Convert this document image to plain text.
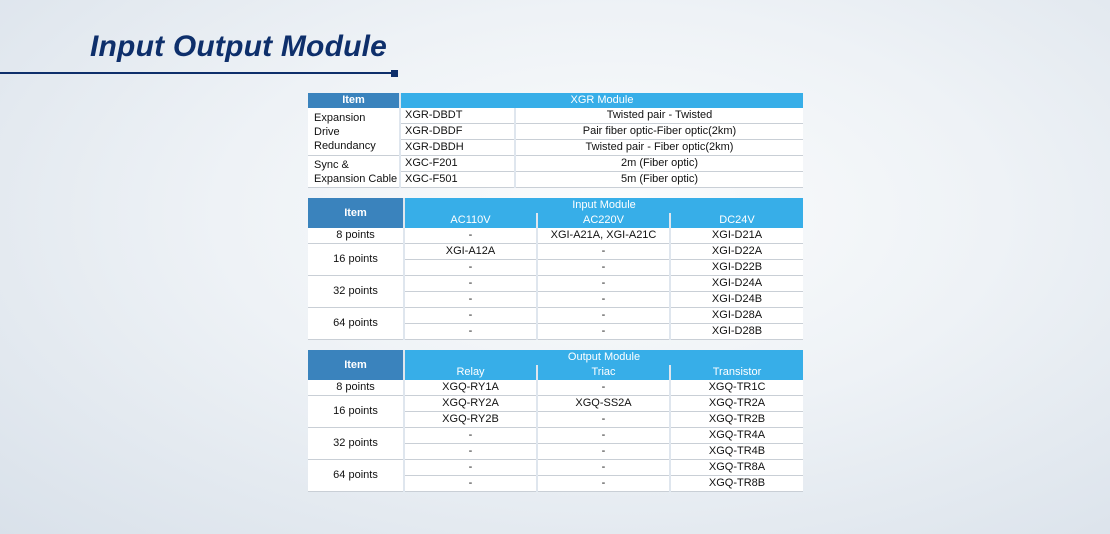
Input Output Module
Item	XGR Module	

Expansion
Drive
Redundancy	XGR-DBDT	Twisted pair - Twisted
	XGR-DBDF	Pair fiber optic-Fiber optic(2km)
	XGR-DBDH	Twisted pair - Fiber optic(2km)

Sync &
Expansion Cable	XGC-F201	2m (Fiber optic)
	XGC-F501	5m (Fiber optic)
Item	Input Module		
	AC110V	AC220V	DC24V
8 points	-	XGI-A21A, XGI-A21C	XGI-D21A
16 points	XGI-A12A	-	XGI-D22A
	-	-	XGI-D22B
32 points	-	-	XGI-D24A
	-	-	XGI-D24B
64 points	-	-	XGI-D28A
	-	-	XGI-D28B
Item	Output Module		
	Relay	Triac	Transistor
8 points	XGQ-RY1A	-	XGQ-TR1C
16 points	XGQ-RY2A	XGQ-SS2A	XGQ-TR2A
	XGQ-RY2B	-	XGQ-TR2B
32 points	-	-	XGQ-TR4A
	-	-	XGQ-TR4B
64 points	-	-	XGQ-TR8A
	-	-	XGQ-TR8B
